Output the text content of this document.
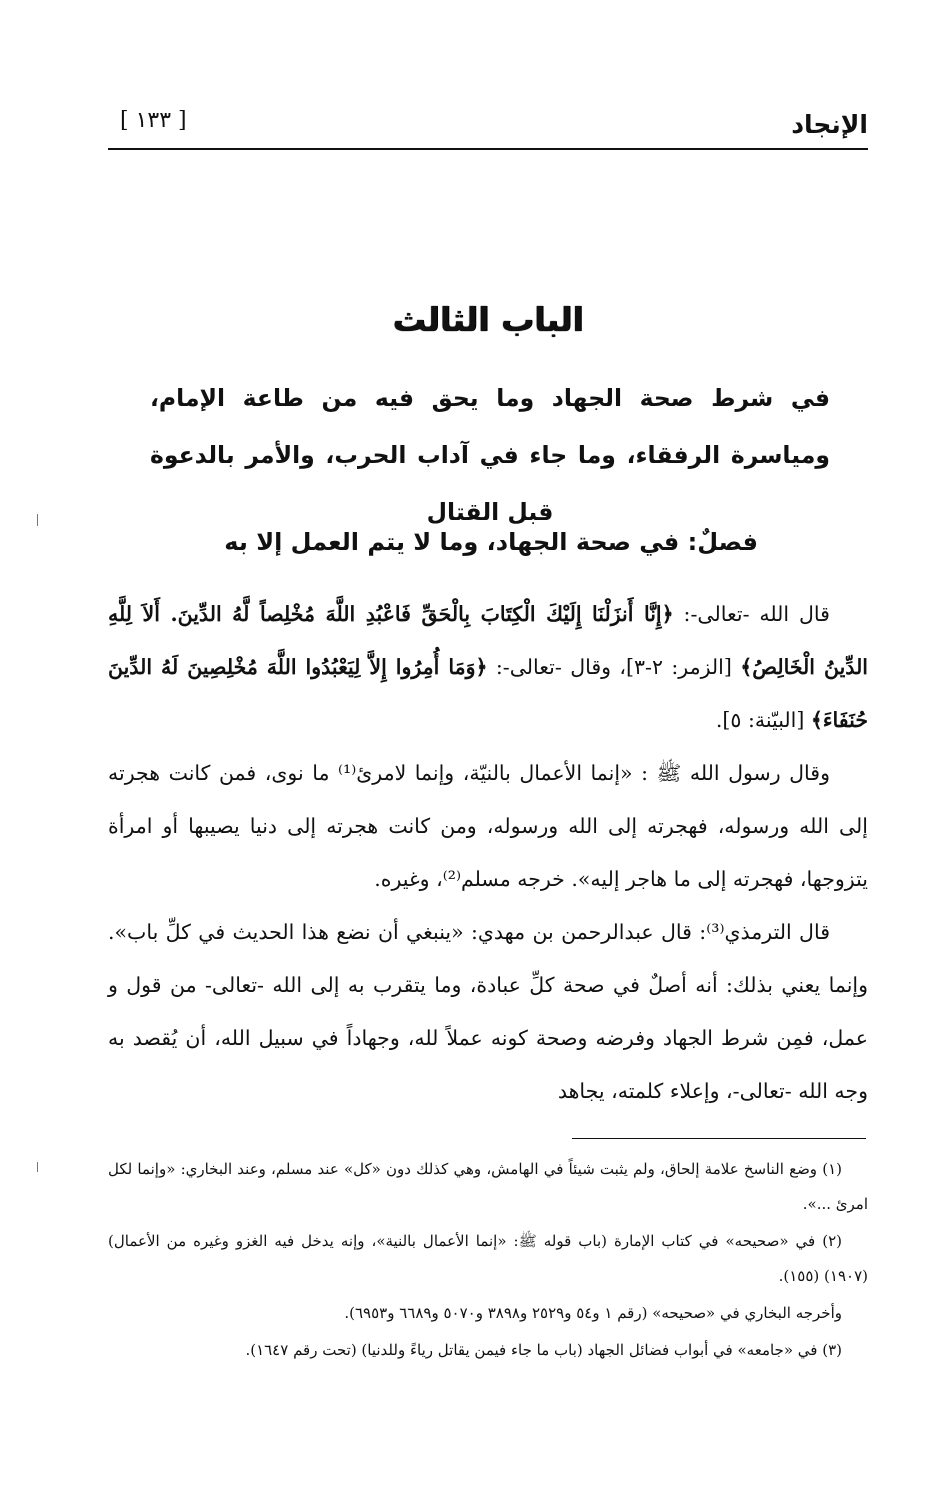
الإنجاد
[ ١٣٣ ]
الباب الثالث
في شرط صحة الجهاد وما يحق فيه من طاعة الإمام، ومياسرة الرفقاء، وما جاء في آداب الحرب، والأمر بالدعوة قبل القتال
فصلٌ: في صحة الجهاد، وما لا يتم العمل إلا به

قال الله -تعالى-: ﴿إِنَّا أَنزَلْنَا إِلَيْكَ الْكِتَابَ بِالْحَقِّ فَاعْبُدِ اللَّهَ مُخْلِصاً لَّهُ الدِّينَ. أَلاَ لِلَّهِ الدِّينُ الْخَالِصُ﴾ [الزمر: ٢-٣]، وقال -تعالى-: ﴿وَمَا أُمِرُوا إِلاَّ لِيَعْبُدُوا اللَّهَ مُخْلِصِينَ لَهُ الدِّينَ حُنَفَاءَ﴾ [البيّنة: ٥].

وقال رسول الله ﷺ : «إنما الأعمال بالنيّة، وإنما لامرئ⁽¹⁾ ما نوى، فمن كانت هجرته إلى الله ورسوله، فهجرته إلى الله ورسوله، ومن كانت هجرته إلى دنيا يصيبها أو امرأة يتزوجها، فهجرته إلى ما هاجر إليه». خرجه مسلم⁽²⁾، وغيره.

قال الترمذي⁽³⁾: قال عبدالرحمن بن مهدي: «ينبغي أن نضع هذا الحديث في كلِّ باب». وإنما يعني بذلك: أنه أصلٌ في صحة كلِّ عبادة، وما يتقرب به إلى الله -تعالى- من قول و عمل، فمِن شرط الجهاد وفرضه وصحة كونه عملاً لله، وجهاداً في سبيل الله، أن يُقصد به وجه الله -تعالى-، وإعلاء كلمته، يجاهد

(١) وضع الناسخ علامة إلحاق، ولم يثبت شيئاً في الهامش، وهي كذلك دون «كل» عند مسلم، وعند البخاري: «وإنما لكل امرئ ...».

(٢) في «صحيحه» في كتاب الإمارة (باب قوله ﷺ: «إنما الأعمال بالنية»، وإنه يدخل فيه الغزو وغيره من الأعمال) (١٩٠٧) (١٥٥).

وأخرجه البخاري في «صحيحه» (رقم ١ و٥٤ و٢٥٢٩ و٣٨٩٨ و٥٠٧٠ و٦٦٨٩ و٦٩٥٣).

(٣) في «جامعه» في أبواب فضائل الجهاد (باب ما جاء فيمن يقاتل رياءً وللدنيا) (تحت رقم ١٦٤٧).
